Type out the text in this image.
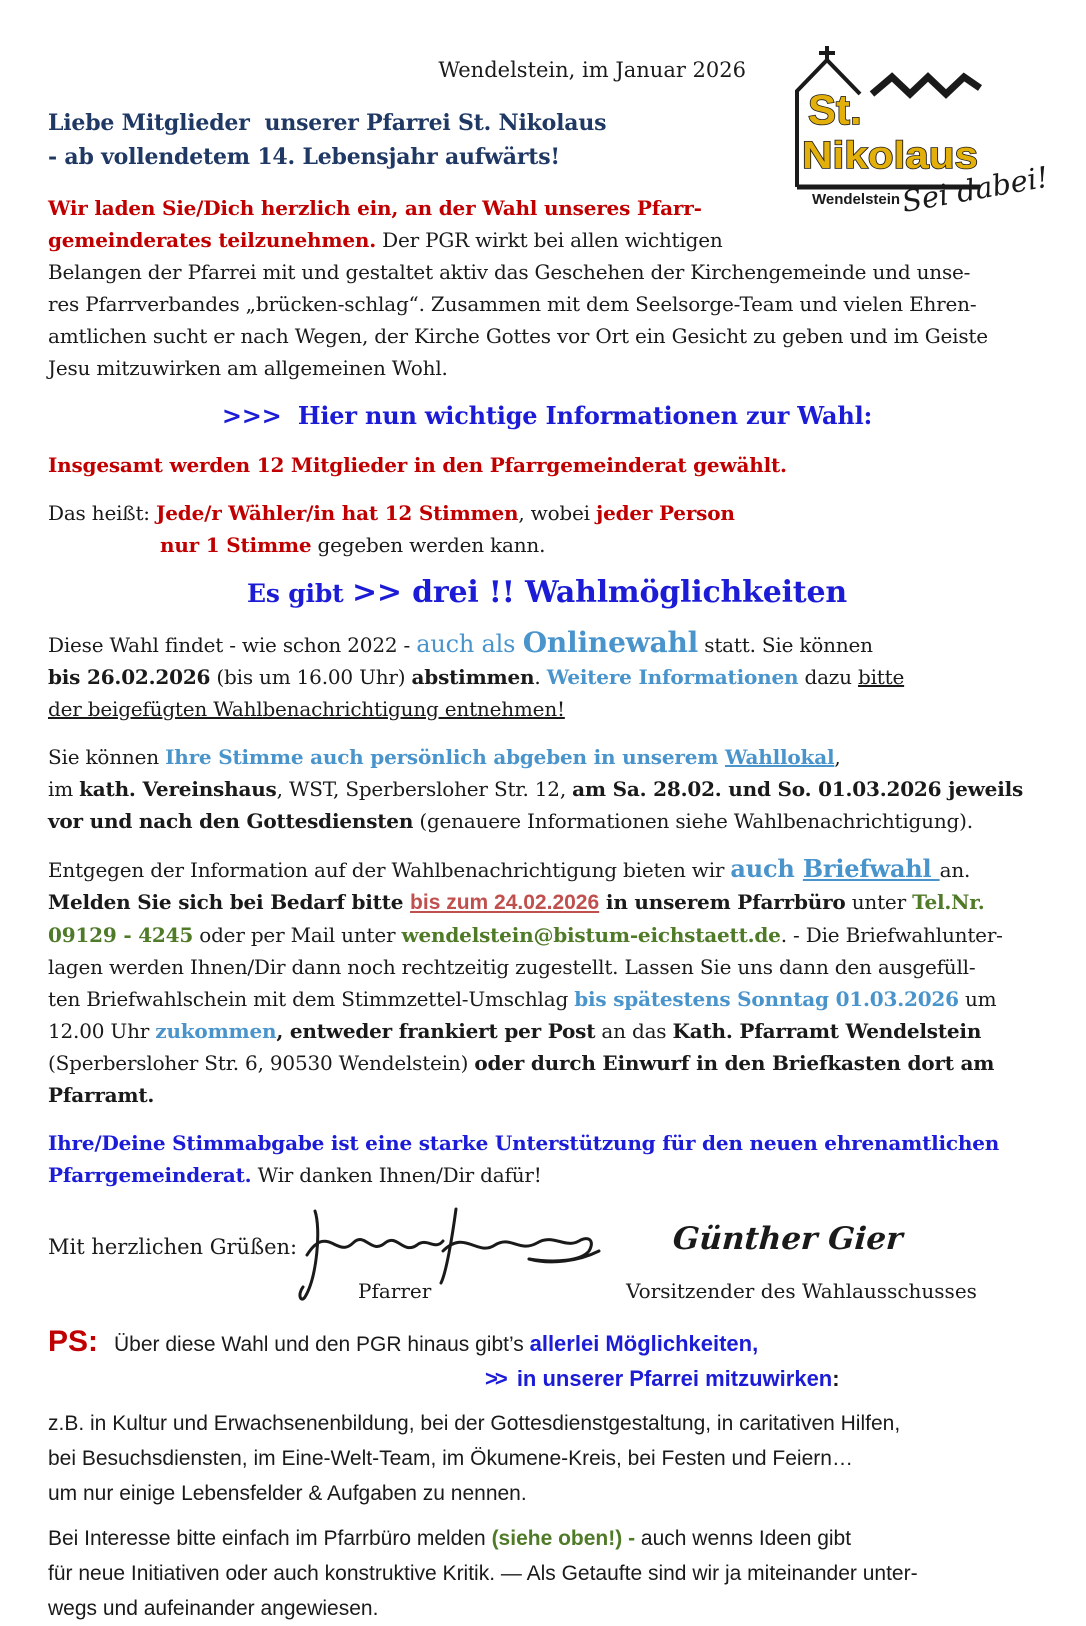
St.
Nikolaus
Wendelstein Sei dabei!
Wendelstein, im Januar 2026
Liebe Mitglieder  unserer Pfarrei St. Nikolaus
- ab vollendetem 14. Lebensjahr aufwärts!
Wir laden Sie/Dich herzlich ein, an der Wahl unseres Pfarr-
gemeinderates teilzunehmen. Der PGR wirkt bei allen wichtigen
Belangen der Pfarrei mit und gestaltet aktiv das Geschehen der Kirchengemeinde und unse-
res Pfarrverbandes „brücken-schlag“. Zusammen mit dem Seelsorge-Team und vielen Ehren-
amtlichen sucht er nach Wegen, der Kirche Gottes vor Ort ein Gesicht zu geben und im Geiste
Jesu mitzuwirken am allgemeinen Wohl.
>>>  Hier nun wichtige Informationen zur Wahl:
Insgesamt werden 12 Mitglieder in den Pfarrgemeinderat gewählt.
Das heißt: Jede/r Wähler/in hat 12 Stimmen, wobei jeder Person
nur 1 Stimme gegeben werden kann.
Es gibt >> drei !! Wahlmöglichkeiten
Diese Wahl findet - wie schon 2022 - auch als Onlinewahl statt. Sie können
bis 26.02.2026 (bis um 16.00 Uhr) abstimmen. Weitere Informationen dazu bitte
der beigefügten Wahlbenachrichtigung entnehmen!
Sie können Ihre Stimme auch persönlich abgeben in unserem Wahllokal,
im kath. Vereinshaus, WST, Sperbersloher Str. 12, am Sa. 28.02. und So. 01.03.2026 jeweils
vor und nach den Gottesdiensten (genauere Informationen siehe Wahlbenachrichtigung).
Entgegen der Information auf der Wahlbenachrichtigung bieten wir auch Briefwahl an.
Melden Sie sich bei Bedarf bitte bis zum 24.02.2026 in unserem Pfarrbüro unter Tel.Nr.
09129 - 4245 oder per Mail unter wendelstein@bistum-eichstaett.de. - Die Briefwahlunter-
lagen werden Ihnen/Dir dann noch rechtzeitig zugestellt. Lassen Sie uns dann den ausgefüll-
ten Briefwahlschein mit dem Stimmzettel-Umschlag bis spätestens Sonntag 01.03.2026 um
12.00 Uhr zukommen, entweder frankiert per Post an das Kath. Pfarramt Wendelstein
(Sperbersloher Str. 6, 90530 Wendelstein) oder durch Einwurf in den Briefkasten dort am
Pfarramt.
Ihre/Deine Stimmabgabe ist eine starke Unterstützung für den neuen ehrenamtlichen
Pfarrgemeinderat. Wir danken Ihnen/Dir dafür!
Mit herzlichen Grüßen:	Günther Gier
Pfarrer	Vorsitzender des Wahlausschusses
PS: Über diese Wahl und den PGR hinaus gibt’s allerlei Möglichkeiten,
>> in unserer Pfarrei mitzuwirken:
z.B. in Kultur und Erwachsenenbildung, bei der Gottesdienstgestaltung, in caritativen Hilfen,
bei Besuchsdiensten, im Eine-Welt-Team, im Ökumene-Kreis, bei Festen und Feiern…
um nur einige Lebensfelder & Aufgaben zu nennen.
Bei Interesse bitte einfach im Pfarrbüro melden (siehe oben!) - auch wenns Ideen gibt
für neue Initiativen oder auch konstruktive Kritik. — Als Getaufte sind wir ja miteinander unter-
wegs und aufeinander angewiesen.
